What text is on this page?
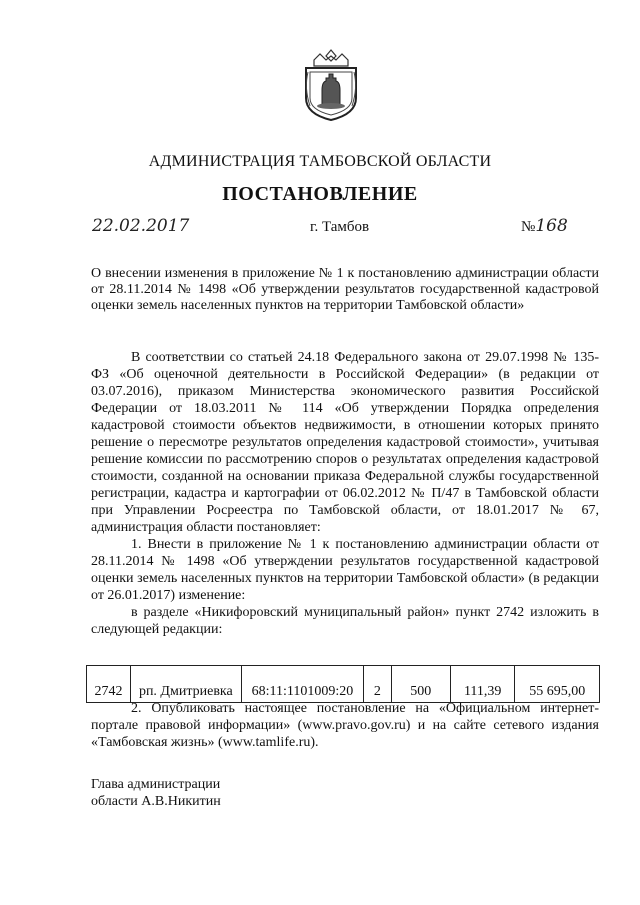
АДМИНИСТРАЦИЯ ТАМБОВСКОЙ ОБЛАСТИ
ПОСТАНОВЛЕНИЕ
22.02.2017	г. Тамбов	№168
О внесении изменения в приложение № 1 к постановлению администрации области от 28.11.2014 № 1498 «Об утверждении результатов государственной кадастровой оценки земель населенных пунктов на территории Тамбовской области»

В соответствии со статьей 24.18 Федерального закона от 29.07.1998 № 135-ФЗ «Об оценочной деятельности в Российской Федерации» (в редакции от 03.07.2016), приказом Министерства экономического развития Российской Федерации от 18.03.2011 № 114 «Об утверждении Порядка определения кадастровой стоимости объектов недвижимости, в отношении которых принято решение о пересмотре результатов определения кадастровой стоимости», учитывая решение комиссии по рассмотрению споров о результатах определения кадастровой стоимости, созданной на основании приказа Федеральной службы государственной регистрации, кадастра и картографии от 06.02.2012 № П/47 в Тамбовской области при Управлении Росреестра по Тамбовской области, от 18.01.2017 № 67, администрация области постановляет:

1. Внести в приложение № 1 к постановлению администрации области от 28.11.2014 № 1498 «Об утверждении результатов государственной кадастровой оценки земель населенных пунктов на территории Тамбовской области» (в редакции от 26.01.2017) изменение:

в разделе «Никифоровский муниципальный район» пункт 2742 изложить в следующей редакции:

2742	рп. Дмитриевка	68:11:1101009:20	2	500	111,39	55 695,00

2. Опубликовать настоящее постановление на «Официальном интернет-портале правовой информации» (www.pravo.gov.ru) и на сайте сетевого издания «Тамбовская жизнь» (www.tamlife.ru).

Глава администрации
области А.В.Никитин
